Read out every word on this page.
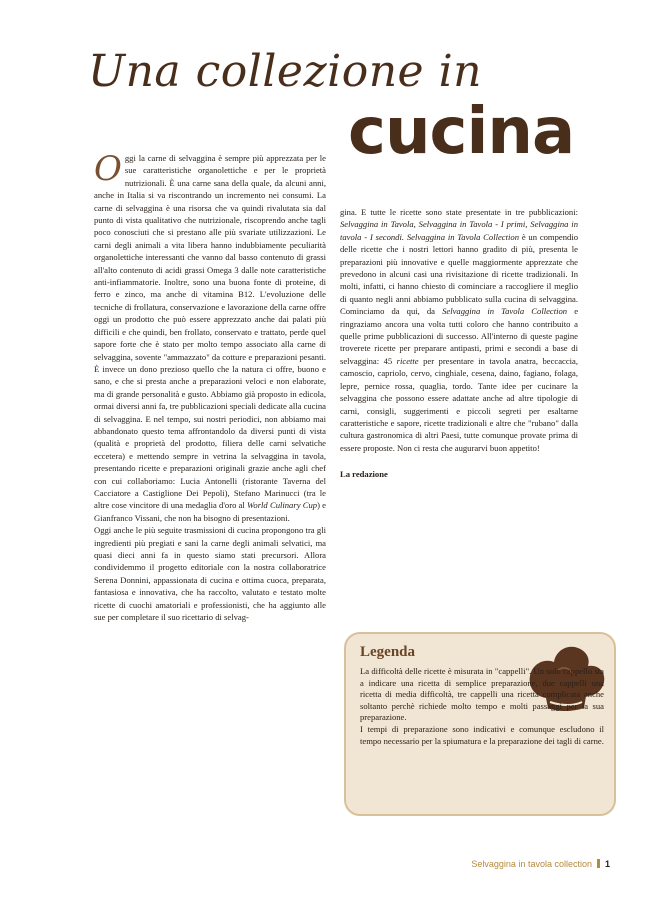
Una collezione in
cucina

Oggi la carne di selvaggina è sempre più apprezzata per le sue caratteristiche organolettiche e per le proprietà nutrizionali. È una carne sana della quale, da alcuni anni, anche in Italia si va riscontrando un incremento nei consumi. La carne di selvaggina è una risorsa che va quindi rivalutata sia dal punto di vista qualitativo che nutrizionale, riscoprendo anche tagli poco conosciuti che si prestano alle più svariate utilizzazioni. Le carni degli animali a vita libera hanno indubbiamente peculiarità organolettiche interessanti che vanno dal basso contenuto di grassi all'alto contenuto di acidi grassi Omega 3 dalle note caratteristiche anti-infiammatorie. Inoltre, sono una buona fonte di proteine, di ferro e zinco, ma anche di vitamina B12. L'evoluzione delle tecniche di frollatura, conservazione e lavorazione della carne offre oggi un prodotto che può essere apprezzato anche dai palati più difficili e che quindi, ben frollato, conservato e trattato, perde quel sapore forte che è stato per molto tempo associato alla carne di selvaggina, sovente "ammazzato" da cotture e preparazioni pesanti. È invece un dono prezioso quello che la natura ci offre, buono e sano, e che si presta anche a preparazioni veloci e non elaborate, ma di grande personalità e gusto. Abbiamo già proposto in edicola, ormai diversi anni fa, tre pubblicazioni speciali dedicate alla cucina di selvaggina. E nel tempo, sui nostri periodici, non abbiamo mai abbandonato questo tema affrontandolo da diversi punti di vista (qualità e proprietà del prodotto, filiera delle carni selvatiche eccetera) e mettendo sempre in vetrina la selvaggina in tavola, presentando ricette e preparazioni originali grazie anche agli chef con cui collaboriamo: Lucia Antonelli (ristorante Taverna del Cacciatore a Castiglione Dei Pepoli), Stefano Marinucci (tra le altre cose vincitore di una medaglia d'oro al World Culinary Cup) e Gianfranco Vissani, che non ha bisogno di presentazioni.

Oggi anche le più seguite trasmissioni di cucina propongono tra gli ingredienti più pregiati e sani la carne degli animali selvatici, ma quasi dieci anni fa in questo siamo stati precursori. Allora condividemmo il progetto editoriale con la nostra collaboratrice Serena Donnini, appassionata di cucina e ottima cuoca, preparata, fantasiosa e innovativa, che ha raccolto, valutato e testato molte ricette di cuochi amatoriali e professionisti, che ha aggiunto alle sue per completare il suo ricettario di selvag-

gina. E tutte le ricette sono state presentate in tre pubblicazioni: Selvaggina in Tavola, Selvaggina in Tavola - I primi, Selvaggina in tavola - I secondi. Selvaggina in Tavola Collection è un compendio delle ricette che i nostri lettori hanno gradito di più, presenta le preparazioni più innovative e quelle maggiormente apprezzate che prevedono in alcuni casi una rivisitazione di ricette tradizionali. In molti, infatti, ci hanno chiesto di cominciare a raccogliere il meglio di quanto negli anni abbiamo pubblicato sulla cucina di selvaggina. Cominciamo da qui, da Selvaggina in Tavola Collection e ringraziamo ancora una volta tutti coloro che hanno contribuito a quelle prime pubblicazioni di successo. All'interno di queste pagine troverete ricette per preparare antipasti, primi e secondi a base di selvaggina: 45 ricette per presentare in tavola anatra, beccaccia, camoscio, capriolo, cervo, cinghiale, cesena, daino, fagiano, folaga, lepre, pernice rossa, quaglia, tordo. Tante idee per cucinare la selvaggina che possono essere adattate anche ad altre tipologie di carni, consigli, suggerimenti e piccoli segreti per esaltarne caratteristiche e sapore, ricette tradizionali e altre che "rubano" dalla cultura gastronomica di altri Paesi, tutte comunque provate prima di essere proposte. Non ci resta che augurarvi buon appetito!

La redazione

Legenda

La difficoltà delle ricette è misurata in "cappelli". Un solo cappello sta a indicare una ricetta di semplice preparazione, due cappelli una ricetta di media difficoltà, tre cappelli una ricetta complicata anche soltanto perchè richiede molto tempo e molti passaggi per la sua preparazione.

I tempi di preparazione sono indicativi e comunque escludono il tempo necessario per la spiumatura e la preparazione dei tagli di carne.

Selvaggina in tavola collection 1
